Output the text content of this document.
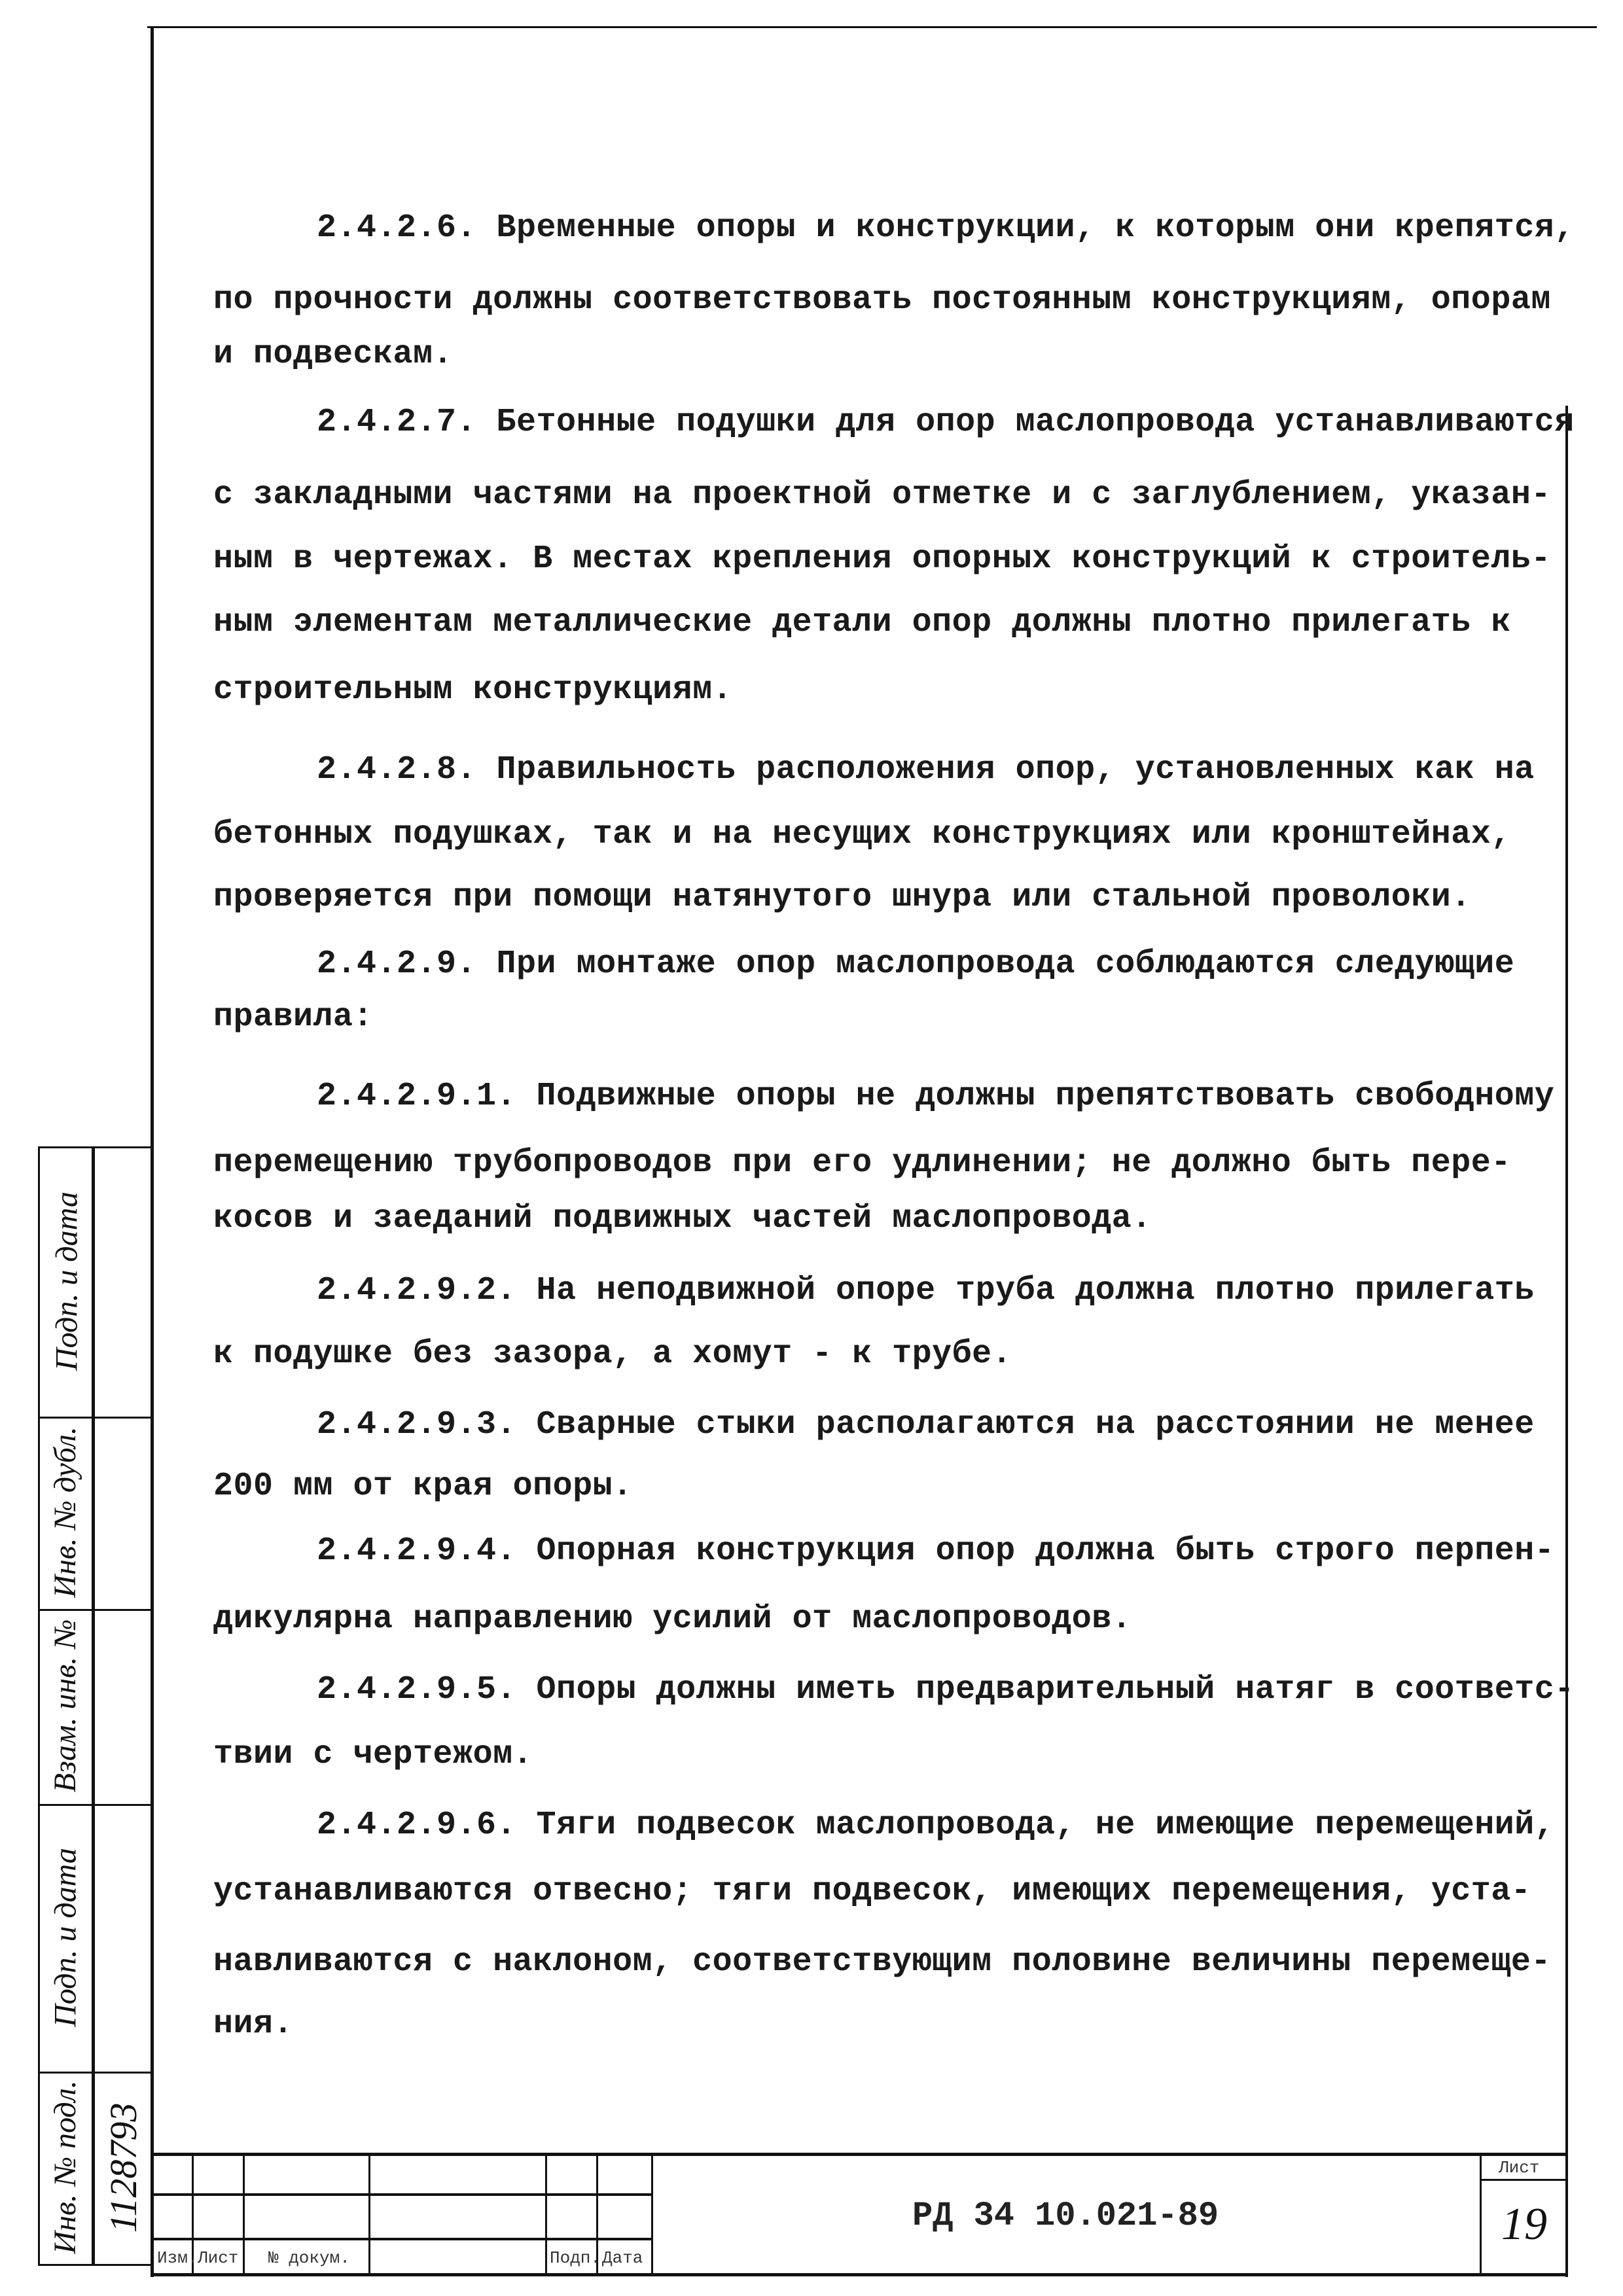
2.4.2.6. Временные опоры и конструкции, к которым они крепятся,
по прочности должны соответствовать постоянным конструкциям, опорам
и подвескам.
2.4.2.7. Бетонные подушки для опор маслопровода устанавливаются
с закладными частями на проектной отметке и с заглублением, указан-
ным в чертежах. В местах крепления опорных конструкций к строитель-
ным элементам металлические детали опор должны плотно прилегать к
строительным конструкциям.
2.4.2.8. Правильность расположения опор, установленных как на
бетонных подушках, так и на несущих конструкциях или кронштейнах,
проверяется при помощи натянутого шнура или стальной проволоки.
2.4.2.9. При монтаже опор маслопровода соблюдаются следующие
правила:
2.4.2.9.1. Подвижные опоры не должны препятствовать свободному
перемещению трубопроводов при его удлинении; не должно быть пере-
косов и заеданий подвижных частей маслопровода.
2.4.2.9.2. На неподвижной опоре труба должна плотно прилегать
к подушке без зазора, а хомут - к трубе.
2.4.2.9.3. Сварные стыки располагаются на расстоянии не менее
200 мм от края опоры.
2.4.2.9.4. Опорная конструкция опор должна быть строго перпен-
дикулярна направлению усилий от маслопроводов.
2.4.2.9.5. Опоры должны иметь предварительный натяг в соответс-
твии с чертежом.
2.4.2.9.6. Тяги подвесок маслопровода, не имеющие перемещений,
устанавливаются отвесно; тяги подвесок, имеющих перемещения, уста-
навливаются с наклоном, соответствующим половине величины перемеще-
ния.
Инв. № подл.
Подп. и дата
Взам. инв. №
Инв. № дубл.
Подп. и дата
1128793
Изм. Лист № докум.	Подп. Дата
РД 34 10.021-89
Лист
19
